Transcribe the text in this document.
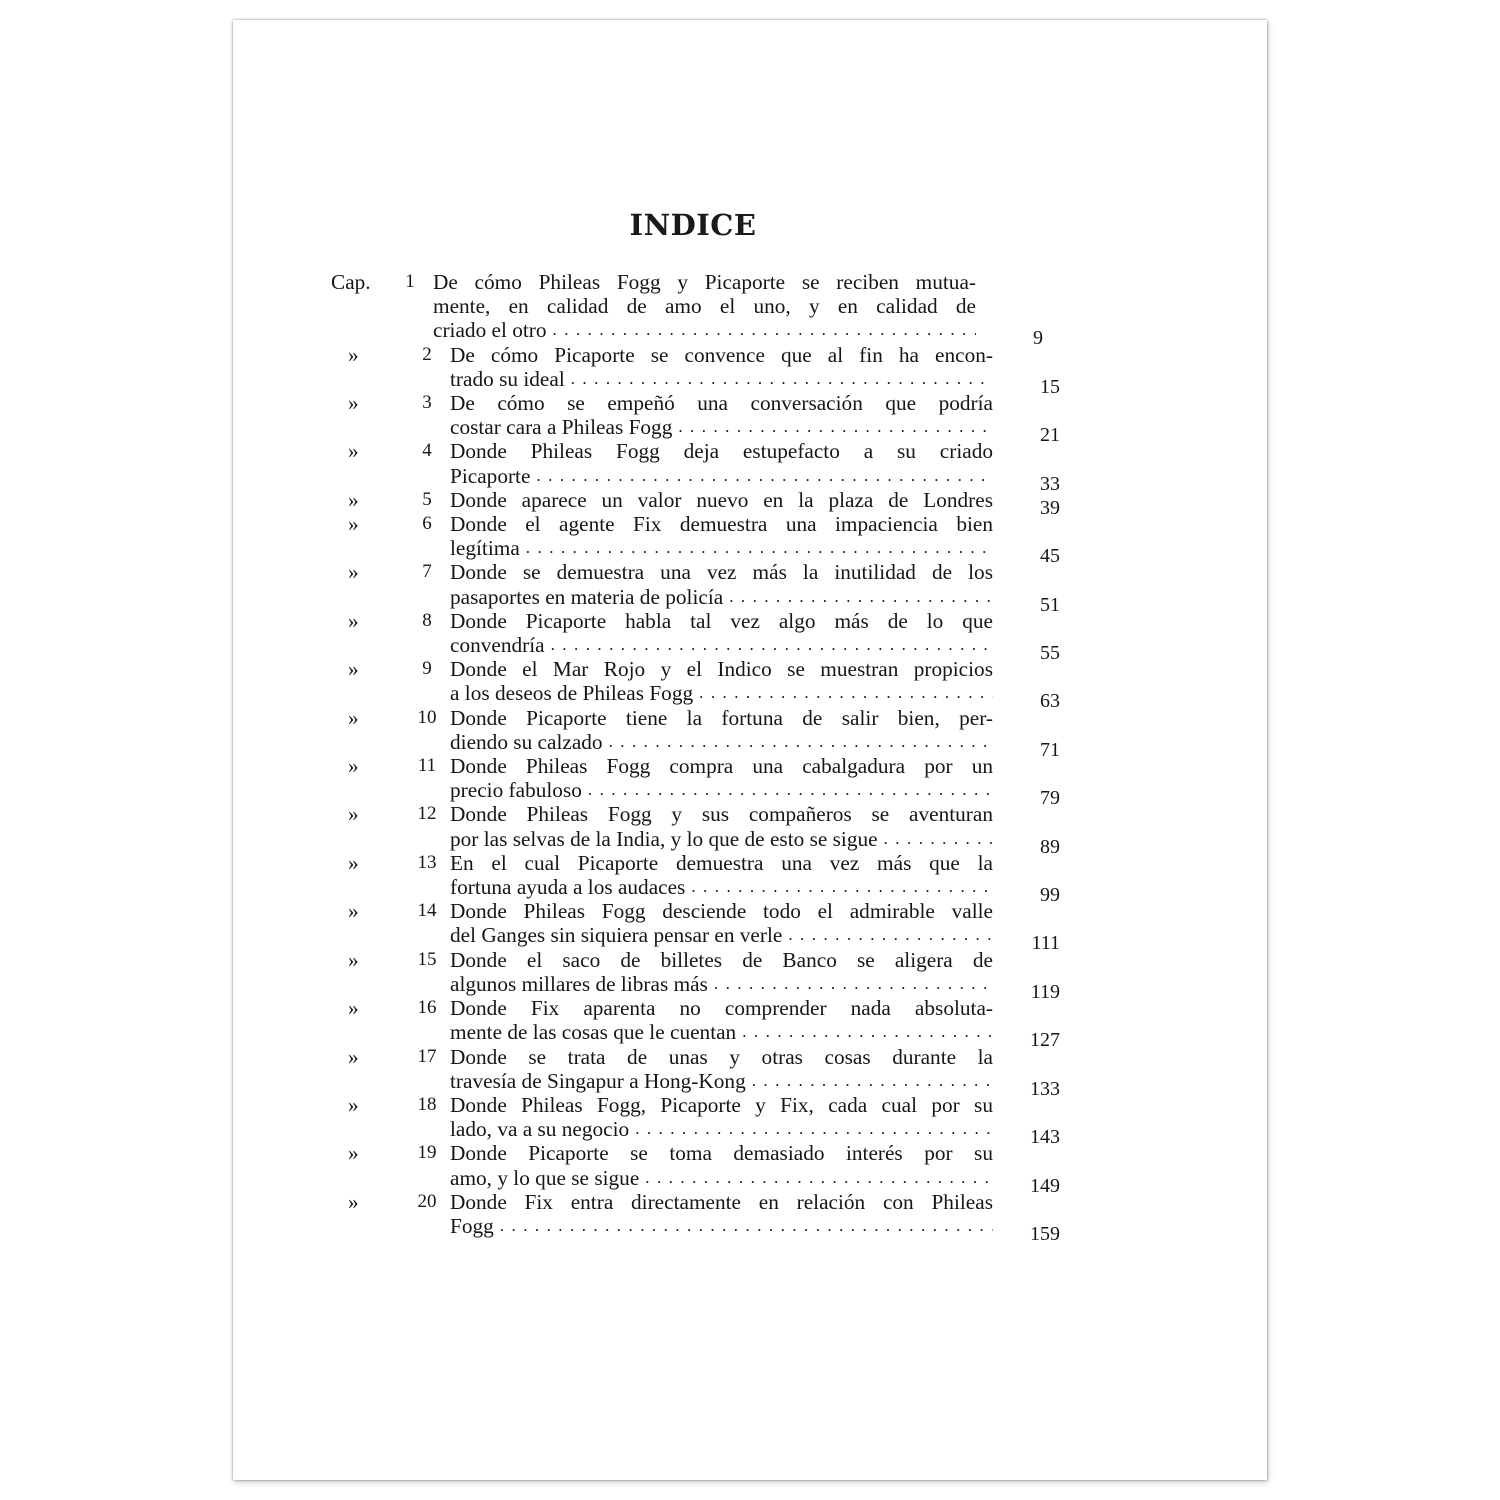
INDICE
Cap.	1 De cómo Phileas Fogg y Picaporte se reciben mutua-
mente, en calidad de amo el uno, y en calidad de
criado el otro . . .	9
»	2 De cómo Picaporte se convence que al fin ha encon-
trado su ideal . . .	15
»	3 De cómo se empeñó una conversación que podría
costar cara a Phileas Fogg . . .	21
»	4 Donde Phileas Fogg deja estupefacto a su criado
Picaporte . . .	33
»	5 Donde aparece un valor nuevo en la plaza de Londres	39
»	6 Donde el agente Fix demuestra una impaciencia bien
legítima . . .	45
»	7 Donde se demuestra una vez más la inutilidad de los
pasaportes en materia de policía . . .	51
»	8 Donde Picaporte habla tal vez algo más de lo que
convendría . . .	55
»	9 Donde el Mar Rojo y el Indico se muestran propicios
a los deseos de Phileas Fogg . . .	63
»	10 Donde Picaporte tiene la fortuna de salir bien, per-
diendo su calzado . . .	71
»	11 Donde Phileas Fogg compra una cabalgadura por un
precio fabuloso . . .	79
»	12 Donde Phileas Fogg y sus compañeros se aventuran
por las selvas de la India, y lo que de esto se sigue . . .	89
»	13 En el cual Picaporte demuestra una vez más que la
fortuna ayuda a los audaces . . .	99
»	14 Donde Phileas Fogg desciende todo el admirable valle
del Ganges sin siquiera pensar en verle . . .	111
»	15 Donde el saco de billetes de Banco se aligera de
algunos millares de libras más . . .	119
»	16 Donde Fix aparenta no comprender nada absoluta-
mente de las cosas que le cuentan . . .	127
»	17 Donde se trata de unas y otras cosas durante la
travesía de Singapur a Hong-Kong . . .	133
»	18 Donde Phileas Fogg, Picaporte y Fix, cada cual por su
lado, va a su negocio . . .	143
»	19 Donde Picaporte se toma demasiado interés por su
amo, y lo que se sigue . . .	149
»	20 Donde Fix entra directamente en relación con Phileas
Fogg . . .	159
